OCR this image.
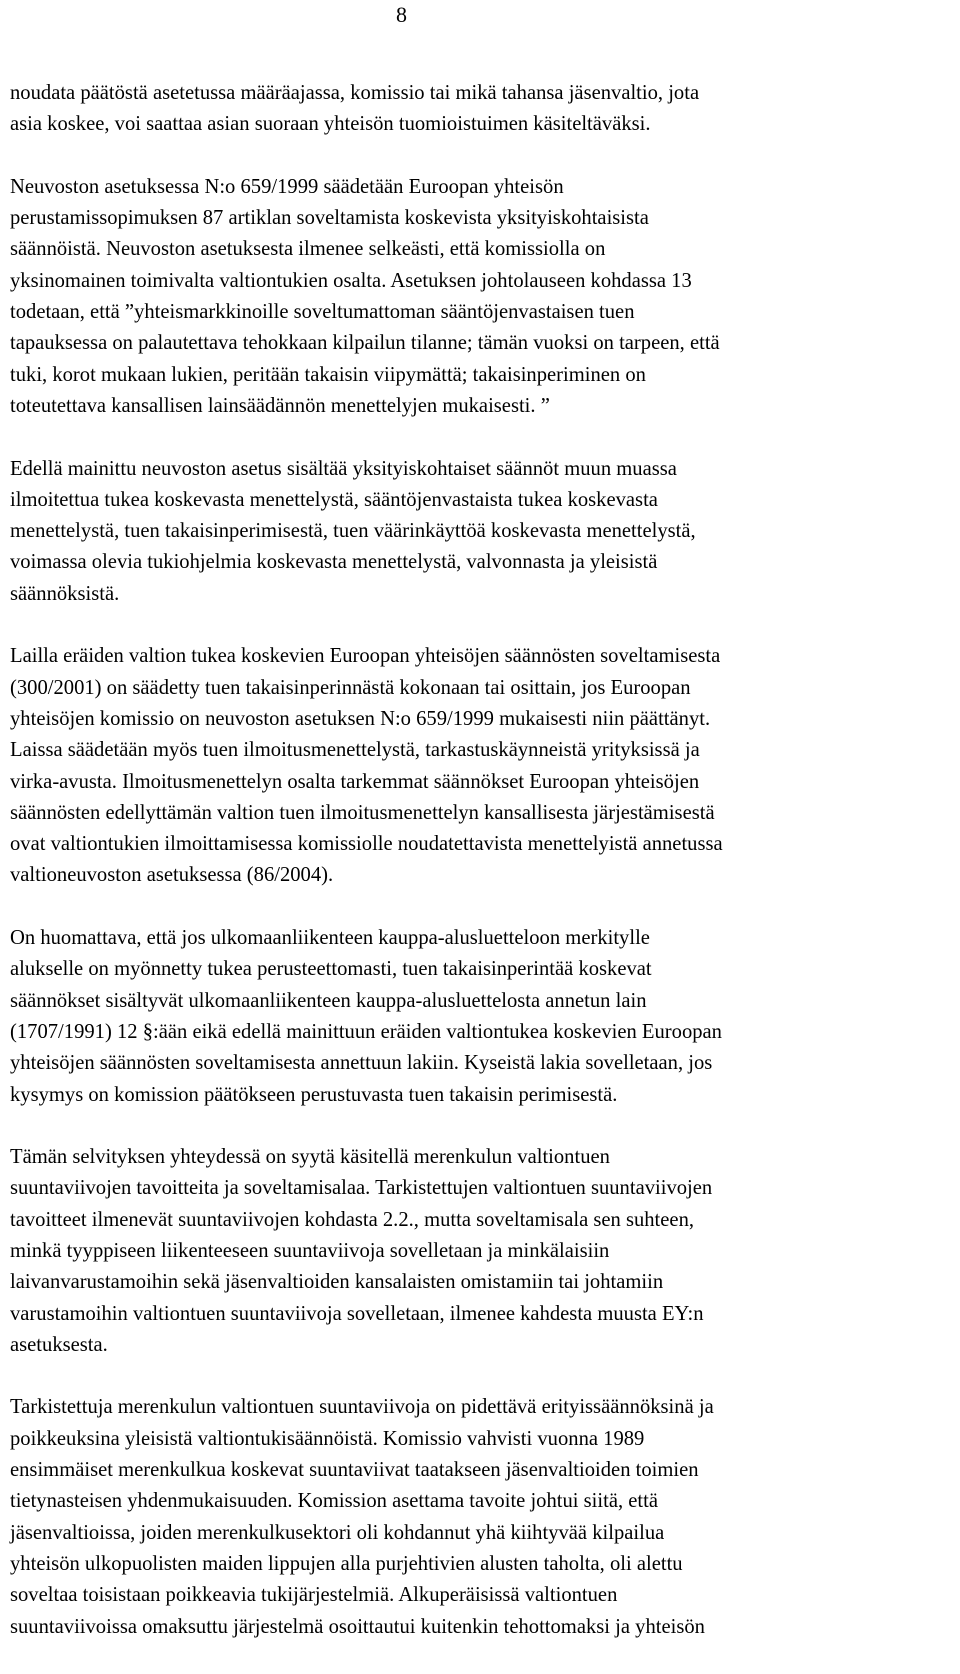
8

noudata päätöstä asetetussa määräajassa, komissio tai mikä tahansa jäsenvaltio, jota
asia koskee, voi saattaa asian suoraan yhteisön tuomioistuimen käsiteltäväksi.

Neuvoston asetuksessa N:o 659/1999 säädetään Euroopan yhteisön
perustamissopimuksen 87 artiklan soveltamista koskevista yksityiskohtaisista
säännöistä. Neuvoston asetuksesta ilmenee selkeästi, että komissiolla on
yksinomainen toimivalta valtiontukien osalta. Asetuksen johtolauseen kohdassa 13
todetaan, että ”yhteismarkkinoille soveltumattoman sääntöjenvastaisen tuen
tapauksessa on palautettava tehokkaan kilpailun tilanne; tämän vuoksi on tarpeen, että
tuki, korot mukaan lukien, peritään takaisin viipymättä; takaisinperiminen on
toteutettava kansallisen lainsäädännön menettelyjen mukaisesti. ”

Edellä mainittu neuvoston asetus sisältää yksityiskohtaiset säännöt muun muassa
ilmoitettua tukea koskevasta menettelystä, sääntöjenvastaista tukea koskevasta
menettelystä, tuen takaisinperimisestä, tuen väärinkäyttöä koskevasta menettelystä,
voimassa olevia tukiohjelmia koskevasta menettelystä, valvonnasta ja yleisistä
säännöksistä.

Lailla eräiden valtion tukea koskevien Euroopan yhteisöjen säännösten soveltamisesta
(300/2001) on säädetty tuen takaisinperinnästä kokonaan tai osittain, jos Euroopan
yhteisöjen komissio on neuvoston asetuksen N:o 659/1999 mukaisesti niin päättänyt.
Laissa säädetään myös tuen ilmoitusmenettelystä, tarkastuskäynneistä yrityksissä ja
virka-avusta. Ilmoitusmenettelyn osalta tarkemmat säännökset Euroopan yhteisöjen
säännösten edellyttämän valtion tuen ilmoitusmenettelyn kansallisesta järjestämisestä
ovat valtiontukien ilmoittamisessa komissiolle noudatettavista menettelyistä annetussa
valtioneuvoston asetuksessa (86/2004).

On huomattava, että jos ulkomaanliikenteen kauppa-alusluetteloon merkitylle
alukselle on myönnetty tukea perusteettomasti, tuen takaisinperintää koskevat
säännökset sisältyvät ulkomaanliikenteen kauppa-alusluettelosta annetun lain
(1707/1991) 12 §:ään eikä edellä mainittuun eräiden valtiontukea koskevien Euroopan
yhteisöjen säännösten soveltamisesta annettuun lakiin. Kyseistä lakia sovelletaan, jos
kysymys on komission päätökseen perustuvasta tuen takaisin perimisestä.

Tämän selvityksen yhteydessä on syytä käsitellä merenkulun valtiontuen
suuntaviivojen tavoitteita ja soveltamisalaa. Tarkistettujen valtiontuen suuntaviivojen
tavoitteet ilmenevät suuntaviivojen kohdasta 2.2., mutta soveltamisala sen suhteen,
minkä tyyppiseen liikenteeseen suuntaviivoja sovelletaan ja minkälaisiin
laivanvarustamoihin sekä jäsenvaltioiden kansalaisten omistamiin tai johtamiin
varustamoihin valtiontuen suuntaviivoja sovelletaan, ilmenee kahdesta muusta EY:n
asetuksesta.

Tarkistettuja merenkulun valtiontuen suuntaviivoja on pidettävä erityissäännöksinä ja
poikkeuksina yleisistä valtiontukisäännöistä. Komissio vahvisti vuonna 1989
ensimmäiset merenkulkua koskevat suuntaviivat taatakseen jäsenvaltioiden toimien
tietynasteisen yhdenmukaisuuden. Komission asettama tavoite johtui siitä, että
jäsenvaltioissa, joiden merenkulkusektori oli kohdannut yhä kiihtyvää kilpailua
yhteisön ulkopuolisten maiden lippujen alla purjehtivien alusten taholta, oli alettu
soveltaa toisistaan poikkeavia tukijärjestelmiä. Alkuperäisissä valtiontuen
suuntaviivoissa omaksuttu järjestelmä osoittautui kuitenkin tehottomaksi ja yhteisön
